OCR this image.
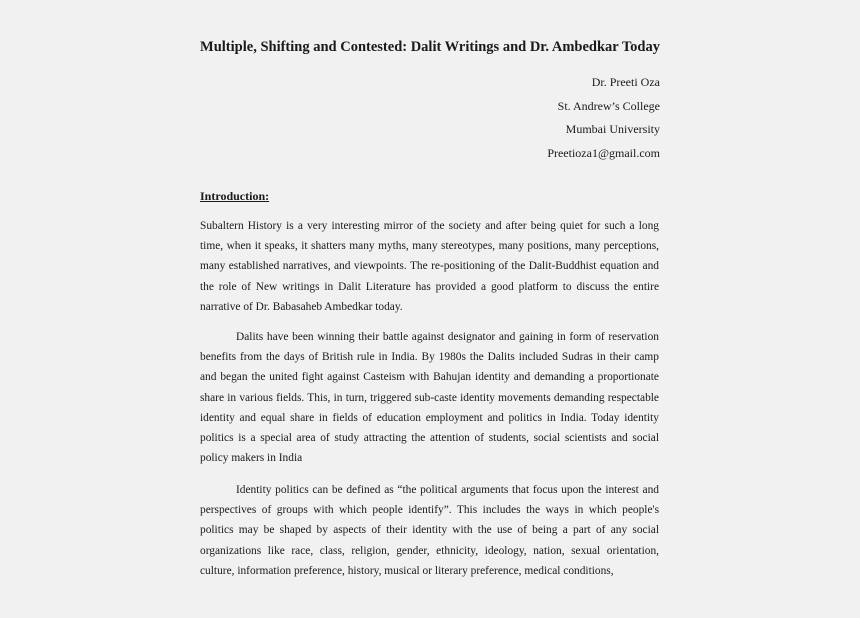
Multiple, Shifting and Contested: Dalit Writings and Dr. Ambedkar Today
Dr. Preeti Oza
St. Andrew’s College
Mumbai University
Preetioza1@gmail.com
Introduction:

Subaltern History is a very interesting mirror of the society and after being quiet for such a long time, when it speaks, it shatters many myths, many stereotypes, many positions, many perceptions, many established narratives, and viewpoints. The re-positioning of the Dalit-Buddhist equation and the role of New writings in Dalit Literature has provided a good platform to discuss the entire narrative of Dr. Babasaheb Ambedkar today.

Dalits have been winning their battle against designator and gaining in form of reservation benefits from the days of British rule in India. By 1980s the Dalits included Sudras in their camp and began the united fight against Casteism with Bahujan identity and demanding a proportionate share in various fields. This, in turn, triggered sub-caste identity movements demanding respectable identity and equal share in fields of education employment and politics in India. Today identity politics is a special area of study attracting the attention of students, social scientists and social policy makers in India

Identity politics can be defined as “the political arguments that focus upon the interest and perspectives of groups with which people identify”. This includes the ways in which people's politics may be shaped by aspects of their identity with the use of being a part of any social organizations like race, class, religion, gender, ethnicity, ideology, nation, sexual orientation, culture, information preference, history, musical or literary preference, medical conditions,
